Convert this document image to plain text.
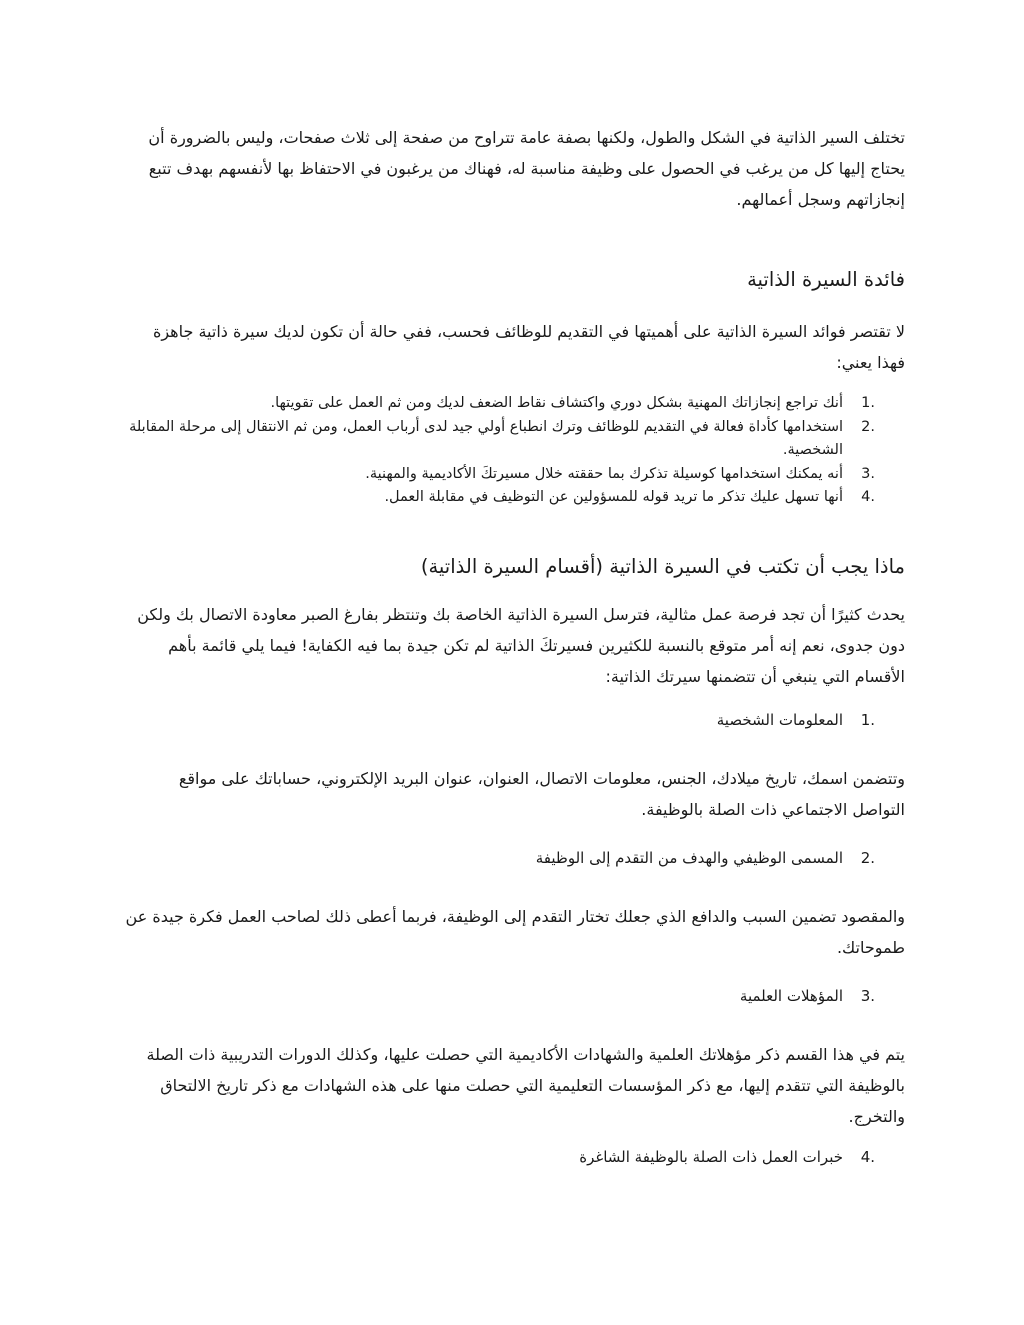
تختلف السير الذاتية في الشكل والطول، ولكنها بصفة عامة تتراوح من صفحة إلى ثلاث صفحات، وليس بالضرورة أن يحتاج إليها كل من يرغب في الحصول على وظيفة مناسبة له، فهناك من يرغبون في الاحتفاظ بها لأنفسهم بهدف تتبع إنجازاتهم وسجل أعمالهم.

فائدة السيرة الذاتية

لا تقتصر فوائد السيرة الذاتية على أهميتها في التقديم للوظائف فحسب، ففي حالة أن تكون لديك سيرة ذاتية جاهزة فهذا يعني:

1.
أنك تراجع إنجازاتك المهنية بشكل دوري واكتشاف نقاط الضعف لديك ومن ثم العمل على تقويتها.
2.
استخدامها كأداة فعالة في التقديم للوظائف وترك انطباع أولي جيد لدى أرباب العمل، ومن ثم الانتقال إلى مرحلة المقابلة الشخصية.
3.
أنه يمكنك استخدامها كوسيلة تذكرك بما حققته خلال مسيرتكَ الأكاديمية والمهنية.
4.
أنها تسهل عليك تذكر ما تريد قوله للمسؤولين عن التوظيف في مقابلة العمل.
ماذا يجب أن تكتب في السيرة الذاتية (أقسام السيرة الذاتية)

يحدث كثيرًا أن تجد فرصة عمل مثالية، فترسل السيرة الذاتية الخاصة بك وتنتظر بفارغ الصبر معاودة الاتصال بك ولكن دون جدوى، نعم إنه أمر متوقع بالنسبة للكثيرين فسيرتكَ الذاتية لم تكن جيدة بما فيه الكفاية! فيما يلي قائمة بأهم الأقسام التي ينبغي أن تتضمنها سيرتك الذاتية:

1.
المعلومات الشخصية

وتتضمن اسمك، تاريخ ميلادك، الجنس، معلومات الاتصال، العنوان، عنوان البريد الإلكتروني، حساباتك على مواقع التواصل الاجتماعي ذات الصلة بالوظيفة.

2.
المسمى الوظيفي والهدف من التقدم إلى الوظيفة

والمقصود تضمين السبب والدافع الذي جعلك تختار التقدم إلى الوظيفة، فربما أعطى ذلك لصاحب العمل فكرة جيدة عن طموحاتك.

3.
المؤهلات العلمية

يتم في هذا القسم ذكر مؤهلاتك العلمية والشهادات الأكاديمية التي حصلت عليها، وكذلك الدورات التدريبية ذات الصلة بالوظيفة التي تتقدم إليها، مع ذكر المؤسسات التعليمية التي حصلت منها على هذه الشهادات مع ذكر تاريخ الالتحاق والتخرج.

4.
خبرات العمل ذات الصلة بالوظيفة الشاغرة
